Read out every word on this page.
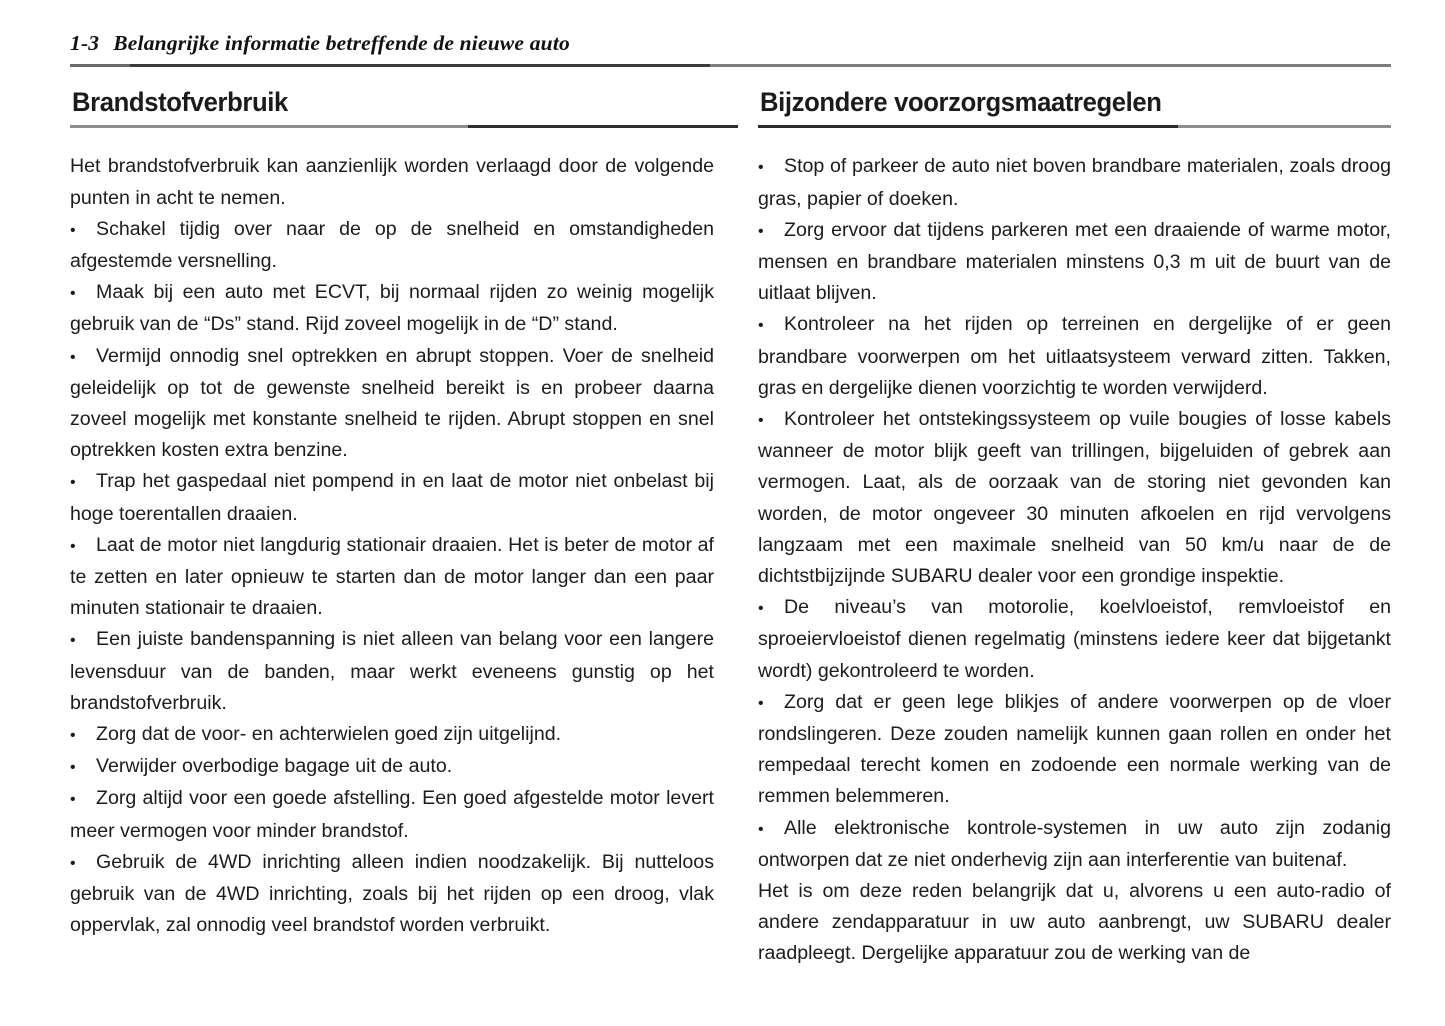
1-3 Belangrijke informatie betreffende de nieuwe auto
Brandstofverbruik

Het brandstofverbruik kan aanzienlijk worden verlaagd door de volgende punten in acht te nemen.

•Schakel tijdig over naar de op de snelheid en omstandigheden afgestemde versnelling.

•Maak bij een auto met ECVT, bij normaal rijden zo weinig mogelijk gebruik van de “Ds” stand. Rijd zoveel mogelijk in de “D” stand.

•Vermijd onnodig snel optrekken en abrupt stoppen. Voer de snelheid geleidelijk op tot de gewenste snelheid bereikt is en probeer daarna zoveel mogelijk met konstante snelheid te rijden. Abrupt stoppen en snel optrekken kosten extra benzine.

•Trap het gaspedaal niet pompend in en laat de motor niet onbelast bij hoge toerentallen draaien.

•Laat de motor niet langdurig stationair draaien. Het is beter de motor af te zetten en later opnieuw te starten dan de motor langer dan een paar minuten stationair te draaien.

•Een juiste bandenspanning is niet alleen van belang voor een langere levensduur van de banden, maar werkt eveneens gunstig op het brandstofverbruik.

•Zorg dat de voor- en achterwielen goed zijn uitgelijnd.

•Verwijder overbodige bagage uit de auto.

•Zorg altijd voor een goede afstelling. Een goed afgestelde motor levert meer vermogen voor minder brandstof.

•Gebruik de 4WD inrichting alleen indien noodzakelijk. Bij nutteloos gebruik van de 4WD inrichting, zoals bij het rijden op een droog, vlak oppervlak, zal onnodig veel brandstof worden verbruikt.

Bijzondere voorzorgsmaatregelen

•Stop of parkeer de auto niet boven brandbare materialen, zoals droog gras, papier of doeken.

•Zorg ervoor dat tijdens parkeren met een draaiende of warme motor, mensen en brandbare materialen minstens 0,3 m uit de buurt van de uitlaat blijven.

•Kontroleer na het rijden op terreinen en dergelijke of er geen brandbare voorwerpen om het uitlaatsysteem verward zitten. Takken, gras en dergelijke dienen voorzichtig te worden verwijderd.

•Kontroleer het ontstekingssysteem op vuile bougies of losse kabels wanneer de motor blijk geeft van trillingen, bijgeluiden of gebrek aan vermogen. Laat, als de oorzaak van de storing niet gevonden kan worden, de motor ongeveer 30 minuten afkoelen en rijd vervolgens langzaam met een maximale snelheid van 50 km/u naar de de dichtstbijzijnde SUBARU dealer voor een grondige inspektie.

•De niveau’s van motorolie, koelvloeistof, remvloeistof en sproeiervloeistof dienen regelmatig (minstens iedere keer dat bijgetankt wordt) gekontroleerd te worden.

•Zorg dat er geen lege blikjes of andere voorwerpen op de vloer rondslingeren. Deze zouden namelijk kunnen gaan rollen en onder het rempedaal terecht komen en zodoende een normale werking van de remmen belemmeren.

•Alle elektronische kontrole-systemen in uw auto zijn zodanig ontworpen dat ze niet onderhevig zijn aan interferentie van buitenaf.

Het is om deze reden belangrijk dat u, alvorens u een auto-radio of andere zendapparatuur in uw auto aanbrengt, uw SUBARU dealer raadpleegt. Dergelijke apparatuur zou de werking van de
